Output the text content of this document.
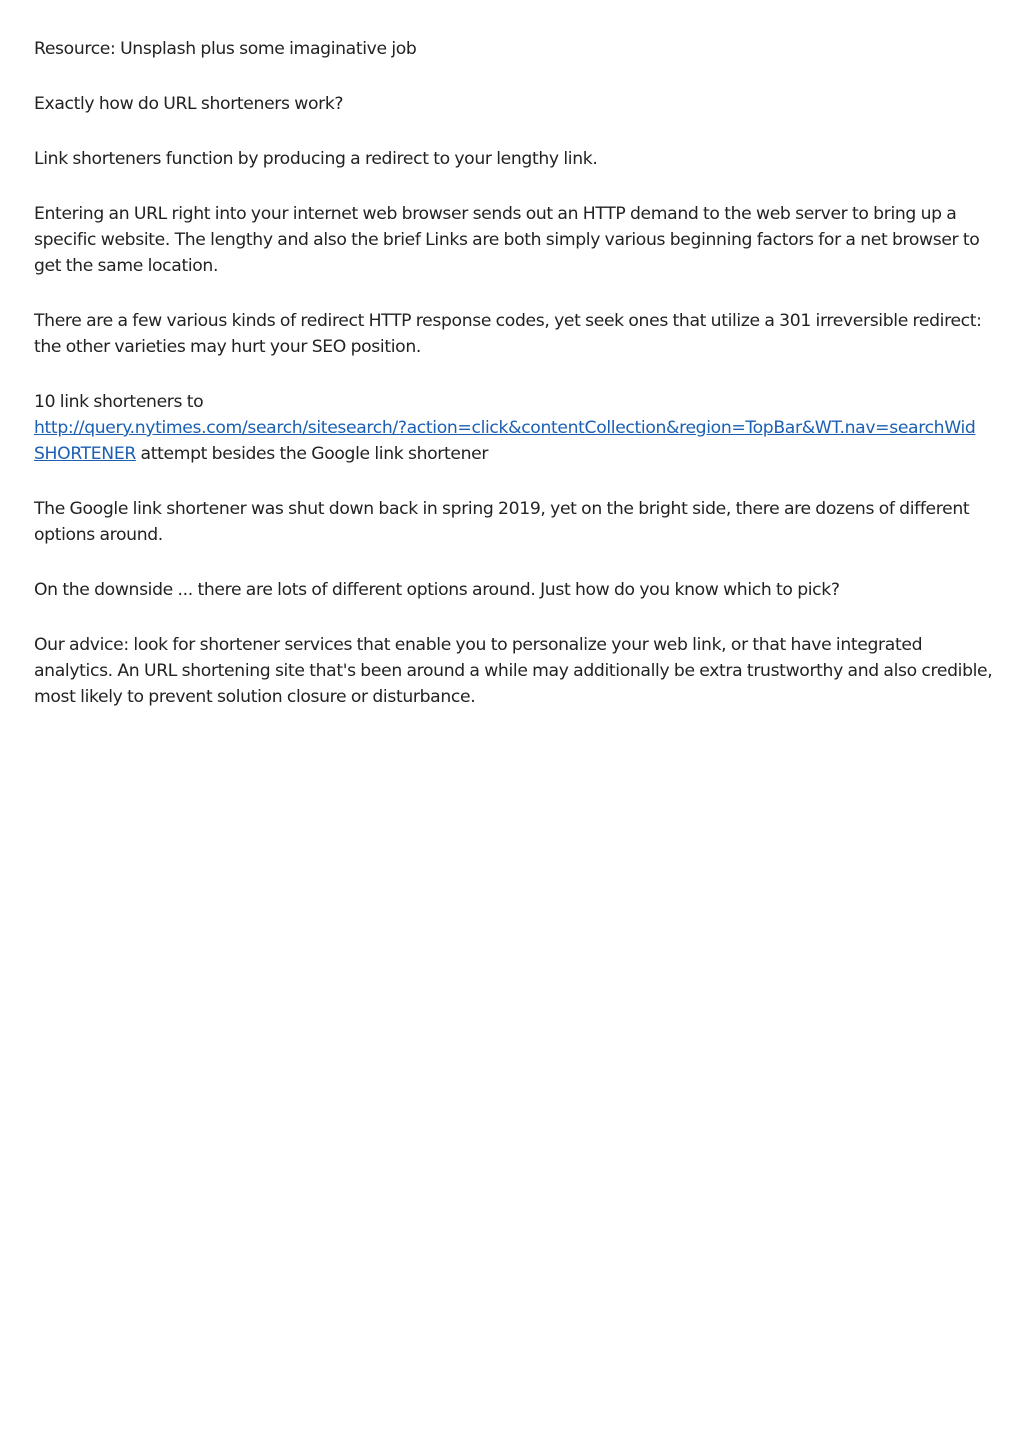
Resource: Unsplash plus some imaginative job

Exactly how do URL shorteners work?

Link shorteners function by producing a redirect to your lengthy link.

Entering an URL right into your internet web browser sends out an HTTP demand to the web server to bring up a specific website. The lengthy and also the brief Links are both simply various beginning factors for a net browser to get the same location.

There are a few various kinds of redirect HTTP response codes, yet seek ones that utilize a 301 irreversible redirect: the other varieties may hurt your SEO position.

10 link shorteners to
http://query.nytimes.com/search/sitesearch/?action=click&contentCollection&region=TopBar&WT.nav=searchWid
SHORTENER attempt besides the Google link shortener

The Google link shortener was shut down back in spring 2019, yet on the bright side, there are dozens of different options around.

On the downside ... there are lots of different options around. Just how do you know which to pick?

Our advice: look for shortener services that enable you to personalize your web link, or that have integrated analytics. An URL shortening site that's been around a while may additionally be extra trustworthy and also credible, most likely to prevent solution closure or disturbance.
